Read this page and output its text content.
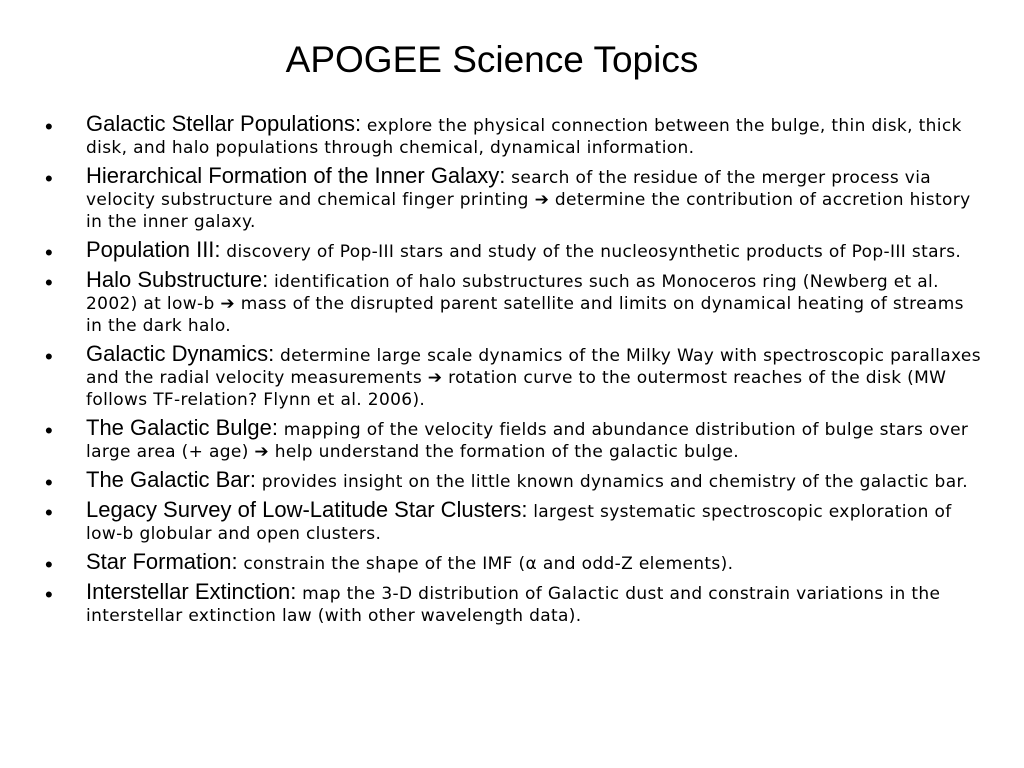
APOGEE Science Topics
• Galactic Stellar Populations: explore the physical connection between the bulge, thin disk, thick disk, and halo populations through chemical, dynamical information.
• Hierarchical Formation of the Inner Galaxy: search of the residue of the merger process via velocity substructure and chemical finger printing ➔ determine the contribution of accretion history in the inner galaxy.
• Population III: discovery of Pop-III stars and study of the nucleosynthetic products of Pop-III stars.
• Halo Substructure: identification of halo substructures such as Monoceros ring (Newberg et al. 2002) at low-b ➔ mass of the disrupted parent satellite and limits on dynamical heating of streams in the dark halo.
• Galactic Dynamics: determine large scale dynamics of the Milky Way with spectroscopic parallaxes and the radial velocity measurements ➔ rotation curve to the outermost reaches of the disk (MW follows TF-relation? Flynn et al. 2006).
• The Galactic Bulge: mapping of the velocity fields and abundance distribution of bulge stars over large area (+ age) ➔ help understand the formation of the galactic bulge.
• The Galactic Bar: provides insight on the little known dynamics and chemistry of the galactic bar.
• Legacy Survey of Low-Latitude Star Clusters: largest systematic spectroscopic exploration of low-b globular and open clusters.
• Star Formation: constrain the shape of the IMF (α and odd-Z elements).
• Interstellar Extinction: map the 3-D distribution of Galactic dust and constrain variations in the interstellar extinction law (with other wavelength data).
